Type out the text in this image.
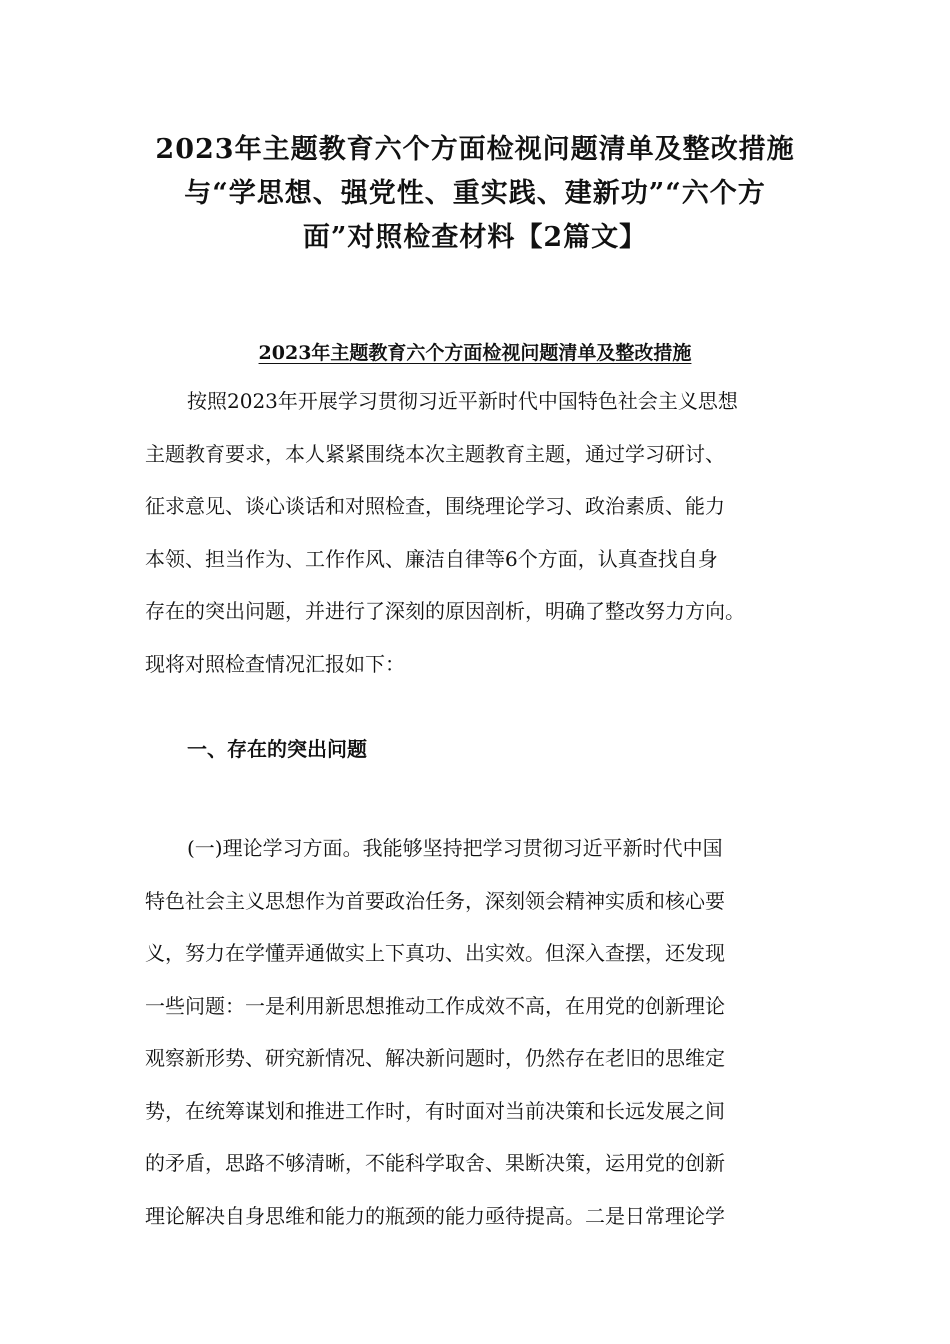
2023年主题教育六个方面检视问题清单及整改措施
与“学思想、强党性、重实践、建新功”“六个方
面”对照检查材料【2篇文】
2023年主题教育六个方面检视问题清单及整改措施
按照2023年开展学习贯彻习近平新时代中国特色社会主义思想
主题教育要求，本人紧紧围绕本次主题教育主题，通过学习研讨、
征求意见、谈心谈话和对照检查，围绕理论学习、政治素质、能力
本领、担当作为、工作作风、廉洁自律等6个方面，认真查找自身
存在的突出问题，并进行了深刻的原因剖析，明确了整改努力方向。
现将对照检查情况汇报如下：
一、存在的突出问题
(一)理论学习方面。我能够坚持把学习贯彻习近平新时代中国
特色社会主义思想作为首要政治任务，深刻领会精神实质和核心要
义，努力在学懂弄通做实上下真功、出实效。但深入查摆，还发现
一些问题：一是利用新思想推动工作成效不高，在用党的创新理论
观察新形势、研究新情况、解决新问题时，仍然存在老旧的思维定
势，在统筹谋划和推进工作时，有时面对当前决策和长远发展之间
的矛盾，思路不够清晰，不能科学取舍、果断决策，运用党的创新
理论解决自身思维和能力的瓶颈的能力亟待提高。二是日常理论学
